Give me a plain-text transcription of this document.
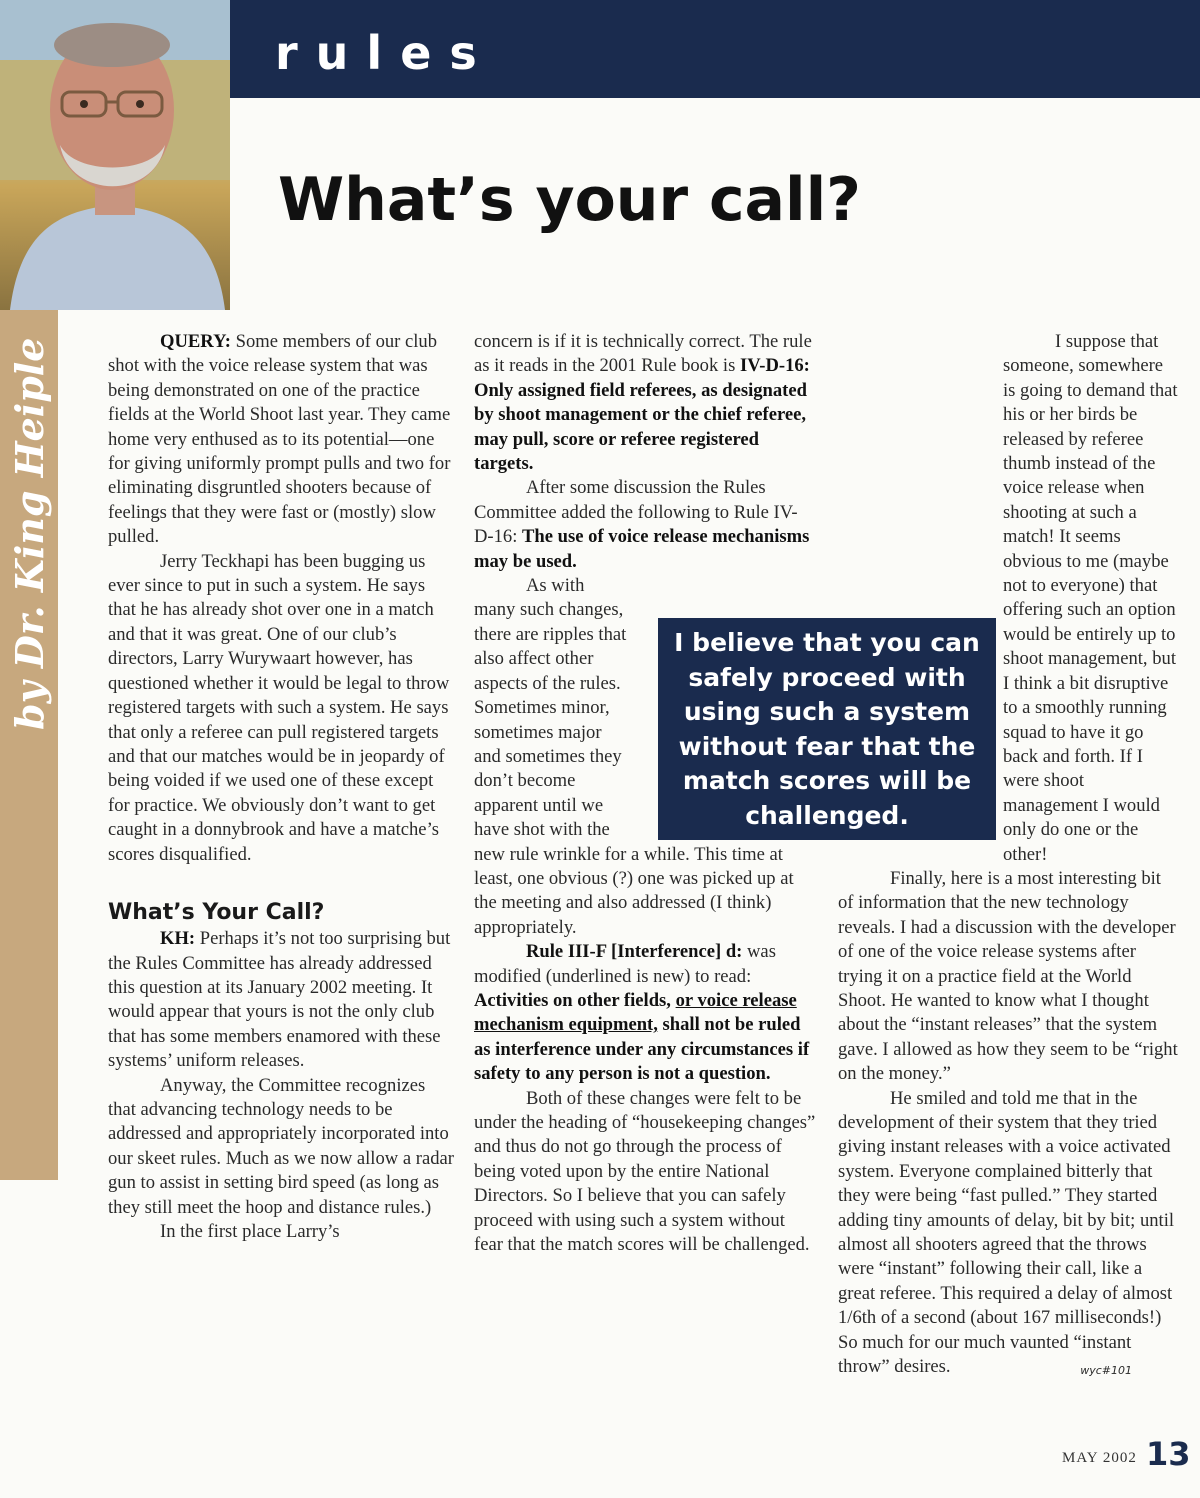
rules
What’s your call?
by Dr. King Heiple	QUERY: Some members of our club shot with the voice release system that was being demonstrated on one of the practice fields at the World Shoot last year. They came home very enthused as to its potential—one for giving uniformly prompt pulls and two for eliminating disgruntled shooters because of feelings that they were fast or (mostly) slow pulled.

Jerry Teckhapi has been bugging us ever since to put in such a system. He says that he has already shot over one in a match and that it was great. One of our club’s directors, Larry Wurywaart however, has questioned whether it would be legal to throw registered targets with such a system. He says that only a referee can pull registered targets and that our matches would be in jeopardy of being voided if we used one of these except for practice. We obviously don’t want to get caught in a donnybrook and have a matche’s scores disqualified.

What’s Your Call?

KH: Perhaps it’s not too surprising but the Rules Committee has already addressed this question at its January 2002 meeting. It would appear that yours is not the only club that has some members enamored with these systems’ uniform releases.

Anyway, the Committee recognizes that advancing technology needs to be addressed and appropriately incorporated into our skeet rules. Much as we now allow a radar gun to assist in setting bird speed (as long as they still meet the hoop and distance rules.)

In the first place Larry’s

concern is if it is technically correct. The rule as it reads in the 2001 Rule book is IV-D-16: Only assigned field referees, as designated by shoot management or the chief referee, may pull, score or referee registered targets.

After some discussion the Rules Committee added the following to Rule IV-D-16: The use of voice release mechanisms may be used.

As with many such changes, there are ripples that also affect other aspects of the rules. Sometimes minor, sometimes major and sometimes they don’t become apparent until we have shot with the new rule wrinkle for a while. This time at least, one obvious (?) one was picked up at the meeting and also addressed (I think) appropriately.

Rule III-F [Interference] d: was modified (underlined is new) to read: Activities on other fields, or voice release mechanism equipment, shall not be ruled as interference under any circumstances if safety to any person is not a question.

Both of these changes were felt to be under the heading of “housekeeping changes” and thus do not go through the process of being voted upon by the entire National Directors. So I believe that you can safely proceed with using such a system without fear that the match scores will be challenged.

I suppose that someone, somewhere is going to demand that his or her birds be released by referee thumb instead of the voice release when shooting at such a match! It seems obvious to me (maybe not to everyone) that offering such an option would be entirely up to shoot management, but I think a bit disruptive to a smoothly running squad to have it go back and forth. If I were shoot management I would only do one or the other!

Finally, here is a most interesting bit of information that the new technology reveals. I had a discussion with the developer of one of the voice release systems after trying it on a practice field at the World Shoot. He wanted to know what I thought about the “instant releases” that the system gave. I allowed as how they seem to be “right on the money.”

He smiled and told me that in the development of their system that they tried giving instant releases with a voice activated system. Everyone complained bitterly that they were being “fast pulled.” They started adding tiny amounts of delay, bit by bit; until almost all shooters agreed that the throws were “instant” following their call, like a great referee. This required a delay of almost 1/6th of a second (about 167 milliseconds!) So much for our much vaunted “instant throw” desires.	wyc#101

I believe that you can safely proceed with using such a system without fear that the match scores will be challenged.
MAY 2002 13
